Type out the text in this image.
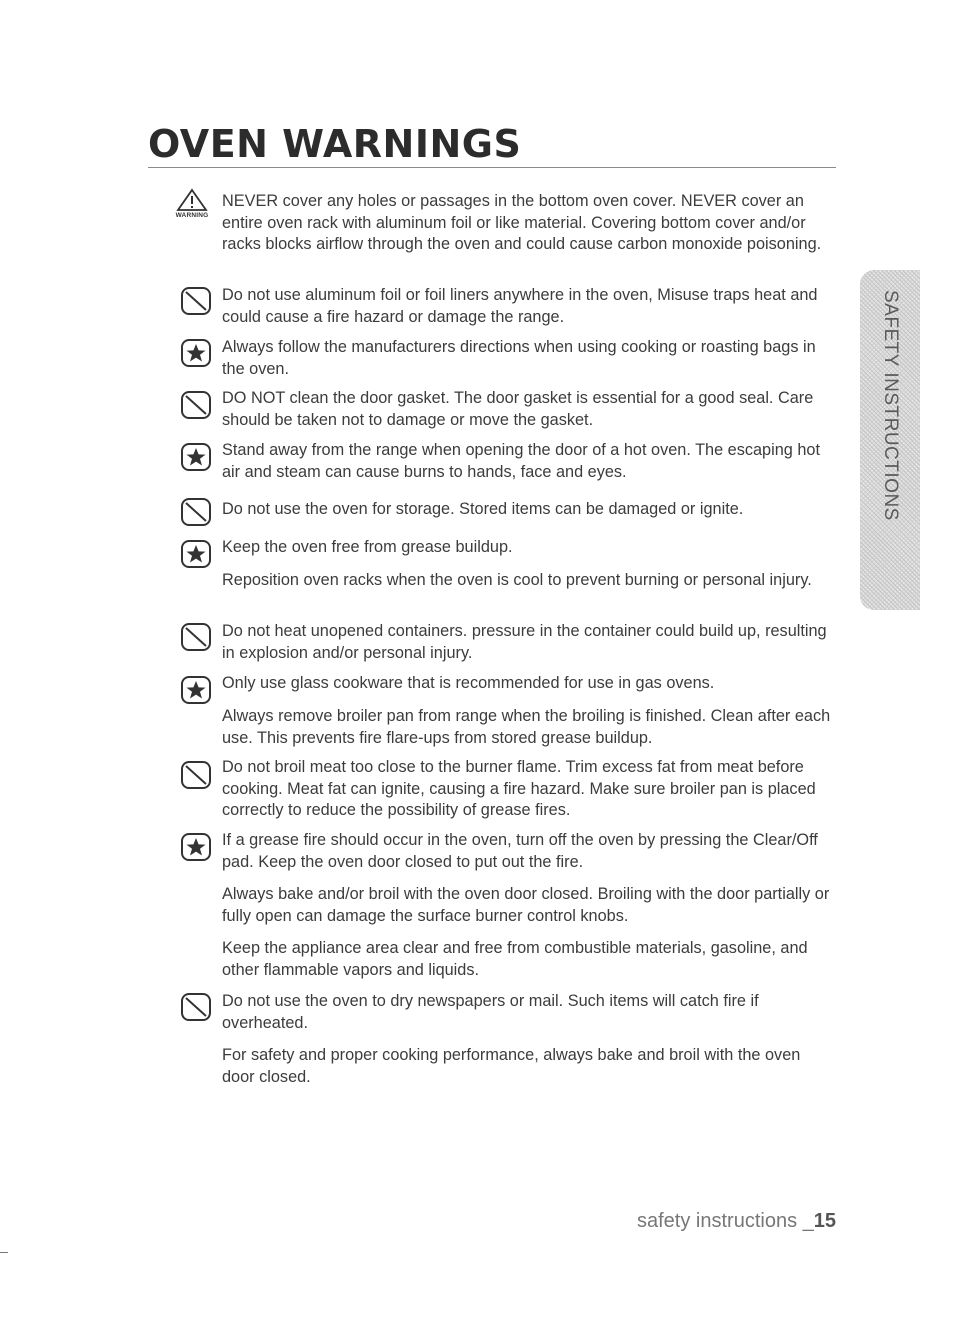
OVEN WARNINGS
WARNING
NEVER cover any holes or passages in the bottom oven cover. NEVER cover an entire oven rack with aluminum foil or like material. Covering bottom cover and/or racks blocks airflow through the oven and could cause carbon monoxide poisoning.
Do not use aluminum foil or foil liners anywhere in the oven, Misuse traps heat and could cause a fire hazard or damage the range.
Always follow the manufacturers directions when using cooking or roasting bags in the oven.
DO NOT clean the door gasket. The door gasket is essential for a good seal. Care should be taken not to damage or move the gasket.
Stand away from the range when opening the door of a hot oven. The escaping hot air and steam can cause burns to hands, face and eyes.
Do not use the oven for storage. Stored items can be damaged or ignite.
Keep the oven free from grease buildup.
Reposition oven racks when the oven is cool to prevent burning or personal injury.
Do not heat unopened containers. pressure in the container could build up, resulting in explosion and/or personal injury.
Only use glass cookware that is recommended for use in gas ovens.
Always remove broiler pan from range when the broiling is finished. Clean after each use. This prevents fire flare-ups from stored grease buildup.
Do not broil meat too close to the burner flame. Trim excess fat from meat before cooking. Meat fat can ignite, causing a fire hazard. Make sure broiler pan is placed correctly to reduce the possibility of grease fires.
If a grease fire should occur in the oven, turn off the oven by pressing the Clear/Off pad. Keep the oven door closed to put out the fire.
Always bake and/or broil with the oven door closed. Broiling with the door partially or fully open can damage the surface burner control knobs.
Keep the appliance area clear and free from combustible materials, gasoline, and other flammable vapors and liquids.
Do not use the oven to dry newspapers or mail. Such items will catch fire if overheated.
For safety and proper cooking performance, always bake and broil with the oven door closed.
SAFETY INSTRUCTIONS
safety instructions _15
